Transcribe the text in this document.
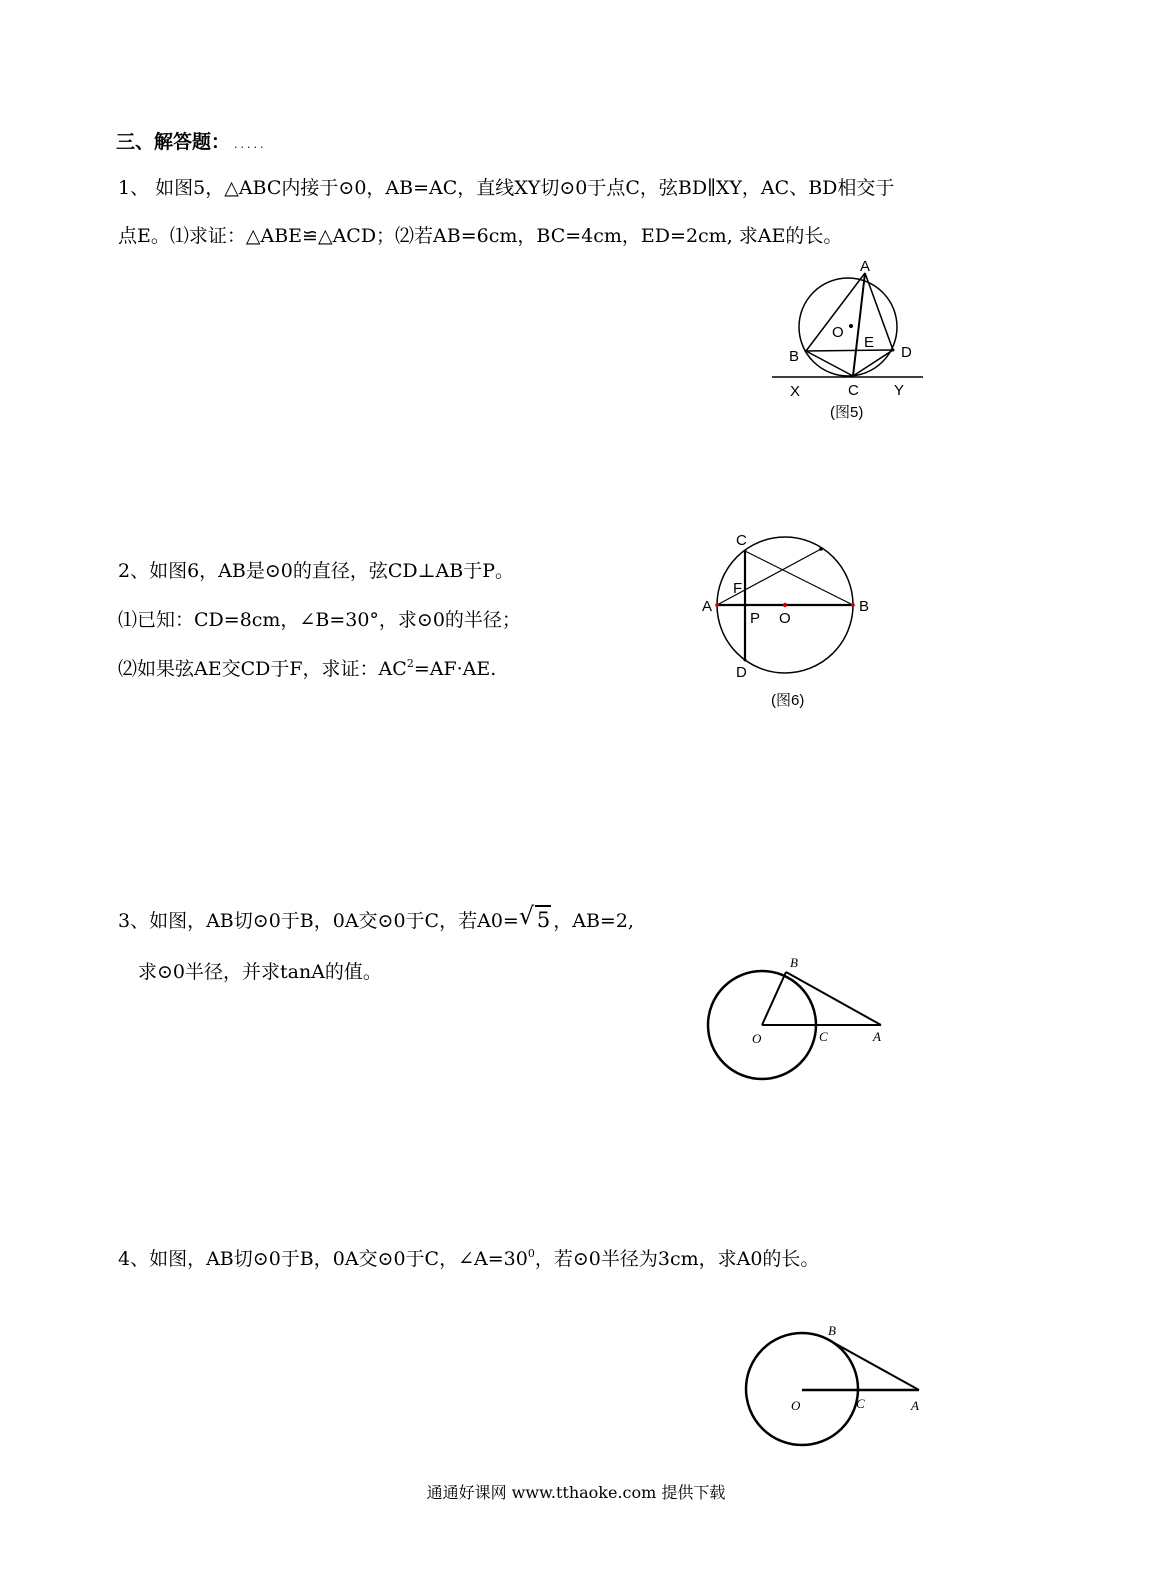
三、解答题： .....
1、 如图5，△ABC内接于⊙0，AB=AC，直线XY切⊙0于点C，弦BD∥XY，AC、BD相交于
点E。⑴求证：△ABE≌△ACD；⑵若AB=6cm，BC=4cm，ED=2cm, 求AE的长。
A
O
E
B	D
C
X	Y
(图5)
2、如图6，AB是⊙0的直径，弦CD⊥AB于P。
⑴已知：CD=8cm，∠B=30°，求⊙0的半径；
⑵如果弦AE交CD于F，求证：$AC^2=AF\cdot AE$.
C
F
A
P O
B
D
(图6)
3、如图，AB切⊙0于B，0A交⊙0于C，若A0= √ 5 ，AB=2,
求⊙0半径，并求tanA的值。
O
B
C	A
4、如图，AB切⊙0于B，0A交⊙0于C，$\angle A=30^0$，若⊙0半径为3cm，求A0的长。
B
O	C	A
通通好课网 www.tthaoke.com 提供下载
